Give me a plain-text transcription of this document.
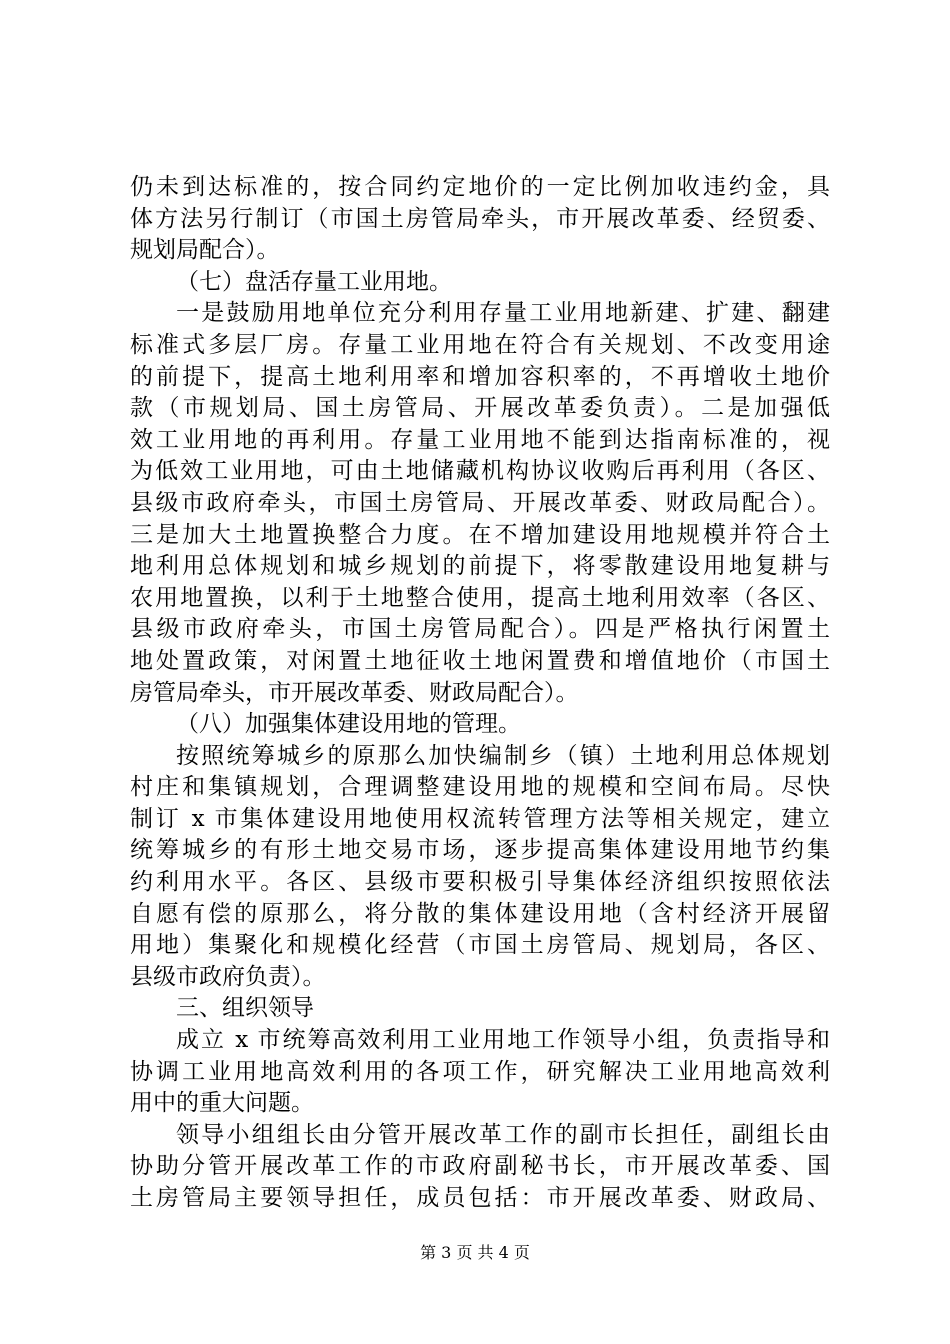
仍未到达标准的，按合同约定地价的一定比例加收违约金，具
体方法另行制订（市国土房管局牵头，市开展改革委、经贸委、
规划局配合）。
（七）盘活存量工业用地。
一是鼓励用地单位充分利用存量工业用地新建、扩建、翻建
标准式多层厂房。存量工业用地在符合有关规划、不改变用途
的前提下，提高土地利用率和增加容积率的，不再增收土地价
款（市规划局、国土房管局、开展改革委负责）。二是加强低
效工业用地的再利用。存量工业用地不能到达指南标准的，视
为低效工业用地，可由土地储藏机构协议收购后再利用（各区、
县级市政府牵头，市国土房管局、开展改革委、财政局配合）。
三是加大土地置换整合力度。在不增加建设用地规模并符合土
地利用总体规划和城乡规划的前提下，将零散建设用地复耕与
农用地置换，以利于土地整合使用，提高土地利用效率（各区、
县级市政府牵头，市国土房管局配合）。四是严格执行闲置土
地处置政策，对闲置土地征收土地闲置费和增值地价（市国土
房管局牵头，市开展改革委、财政局配合）。
（八）加强集体建设用地的管理。
按照统筹城乡的原那么加快编制乡（镇）土地利用总体规划
村庄和集镇规划，合理调整建设用地的规模和空间布局。尽快
制订 x 市集体建设用地使用权流转管理方法等相关规定，建立
统筹城乡的有形土地交易市场，逐步提高集体建设用地节约集
约利用水平。各区、县级市要积极引导集体经济组织按照依法
自愿有偿的原那么，将分散的集体建设用地（含村经济开展留
用地）集聚化和规模化经营（市国土房管局、规划局，各区、
县级市政府负责）。
三、组织领导
成立 x 市统筹高效利用工业用地工作领导小组，负责指导和
协调工业用地高效利用的各项工作，研究解决工业用地高效利
用中的重大问题。
领导小组组长由分管开展改革工作的副市长担任，副组长由
协助分管开展改革工作的市政府副秘书长，市开展改革委、国
土房管局主要领导担任，成员包括：市开展改革委、财政局、
第 3 页 共 4 页
